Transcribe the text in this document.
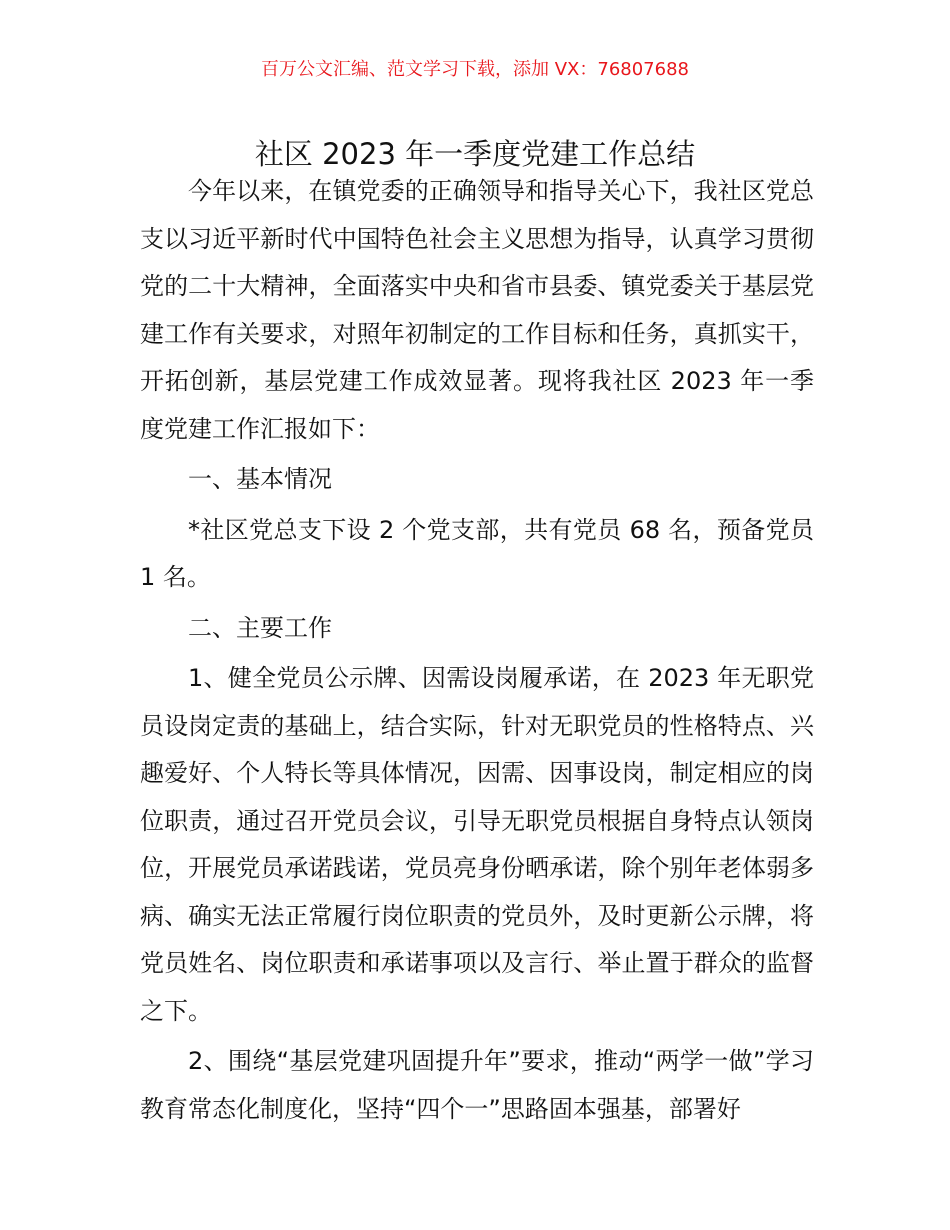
百万公文汇编、范文学习下载，添加 VX：76807688
社区 2023 年一季度党建工作总结

今年以来，在镇党委的正确领导和指导关心下，我社区党总支以习近平新时代中国特色社会主义思想为指导，认真学习贯彻党的二十大精神，全面落实中央和省市县委、镇党委关于基层党建工作有关要求，对照年初制定的工作目标和任务，真抓实干，开拓创新，基层党建工作成效显著。现将我社区 2023 年一季度党建工作汇报如下：

一、基本情况

*社区党总支下设 2 个党支部，共有党员 68 名，预备党员 1 名。

二、主要工作

1、健全党员公示牌、因需设岗履承诺，在 2023 年无职党员设岗定责的基础上，结合实际，针对无职党员的性格特点、兴趣爱好、个人特长等具体情况，因需、因事设岗，制定相应的岗位职责，通过召开党员会议，引导无职党员根据自身特点认领岗位，开展党员承诺践诺，党员亮身份晒承诺，除个别年老体弱多病、确实无法正常履行岗位职责的党员外，及时更新公示牌，将党员姓名、岗位职责和承诺事项以及言行、举止置于群众的监督之下。

2、围绕“基层党建巩固提升年”要求，推动“两学一做”学习教育常态化制度化，坚持“四个一”思路固本强基，部署好
